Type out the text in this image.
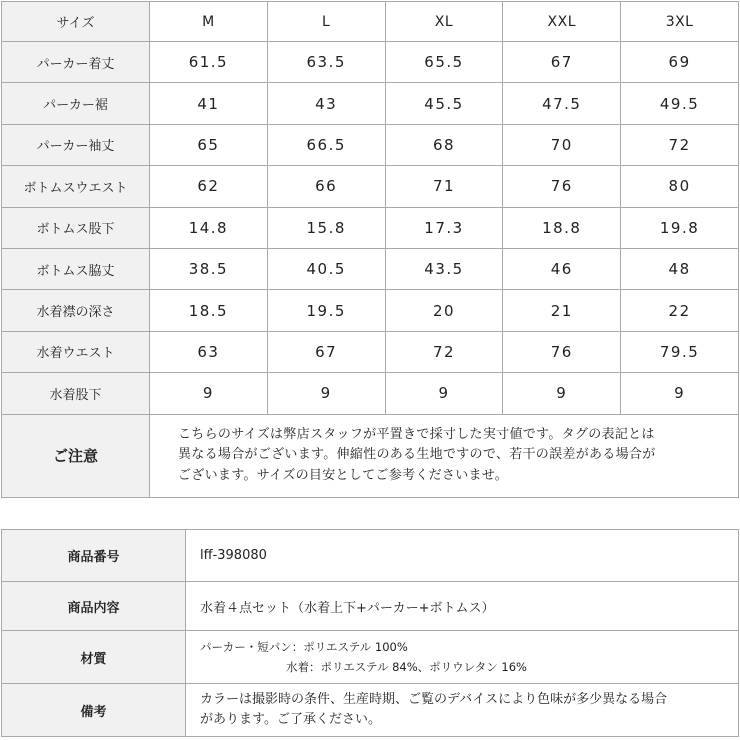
サイズ	M	L	XL	XXL	3XL
パーカー着丈	61.5	63.5	65.5	67	69
パーカー裾	41	43	45.5	47.5	49.5
パーカー袖丈	65	66.5	68	70	72
ボトムスウエスト	62	66	71	76	80
ボトムス股下	14.8	15.8	17.3	18.8	19.8
ボトムス脇丈	38.5	40.5	43.5	46	48
水着襟の深さ	18.5	19.5	20	21	22
水着ウエスト	63	67	72	76	79.5
水着股下	9	9	9	9	9
ご注意	こちらのサイズは弊店スタッフが平置きで採寸した実寸値です。タグの表記とは
異なる場合がございます。伸縮性のある生地ですので、若干の誤差がある場合が
ございます。サイズの目安としてご参考くださいませ。				
商品番号	lff-398080
商品内容	水着４点セット（水着上下+パーカー+ボトムス）
材質	パーカー・短パン：ポリエステル 100%
水着：ポリエステル 84%、ポリウレタン 16%

備考	カラーは撮影時の条件、生産時期、ご覧のデバイスにより色味が多少異なる場合
があります。ご了承ください。
